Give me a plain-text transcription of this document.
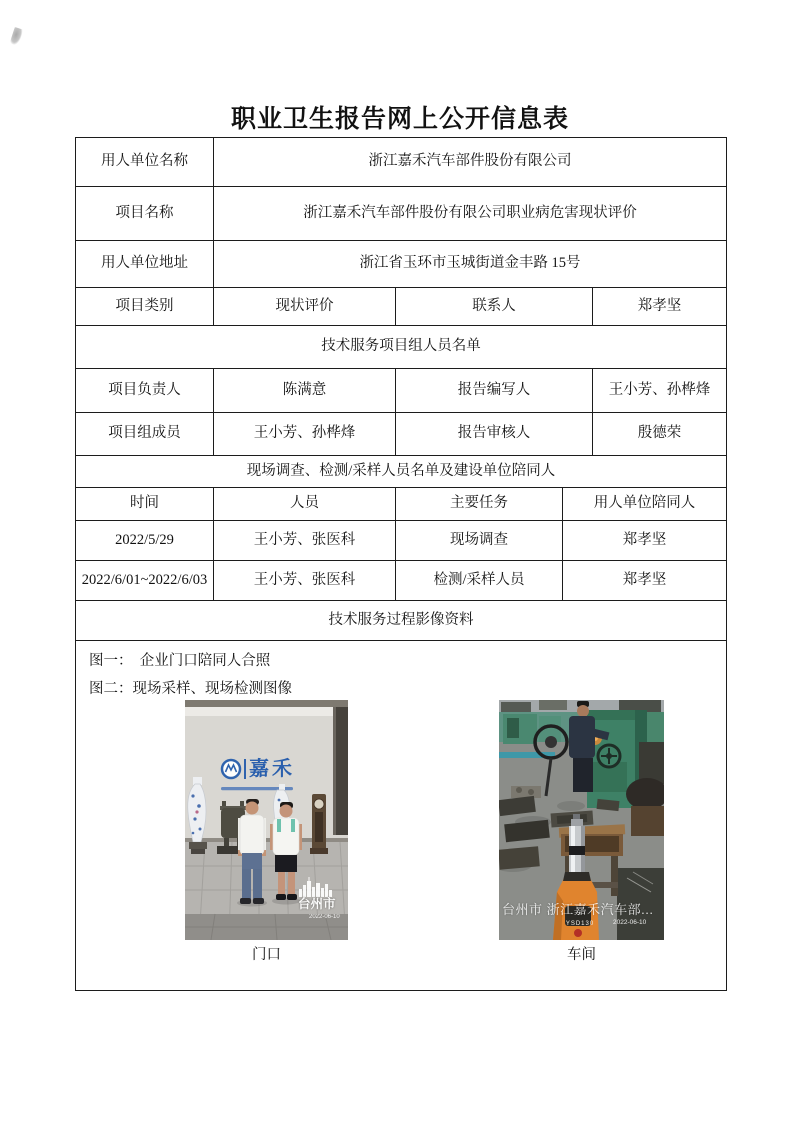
职业卫生报告网上公开信息表
用人单位名称	浙江嘉禾汽车部件股份有限公司			
项目名称	浙江嘉禾汽车部件股份有限公司职业病危害现状评价			
用人单位地址	浙江省玉环市玉城街道金丰路 15号			
项目类别	现状评价	联系人		郑孝坚
技术服务项目组人员名单				
项目负责人	陈满意	报告编写人		王小芳、孙桦烽
项目组成员	王小芳、孙桦烽	报告审核人		殷德荣
现场调查、检测/采样人员名单及建设单位陪同人				
时间	人员	主要任务	用人单位陪同人	
2022/5/29	王小芳、张医科	现场调查	郑孝坚	
2022/6/01~2022/6/03	王小芳、张医科	检测/采样人员	郑孝坚	
技术服务过程影像资料				

图一：  企业门口陪同人合照
图二：现场采样、现场检测图像
嘉禾
台州市
2022-06-10	台州市 浙江嘉禾汽车部...
YSD130	2022-06-10
门口	车间
